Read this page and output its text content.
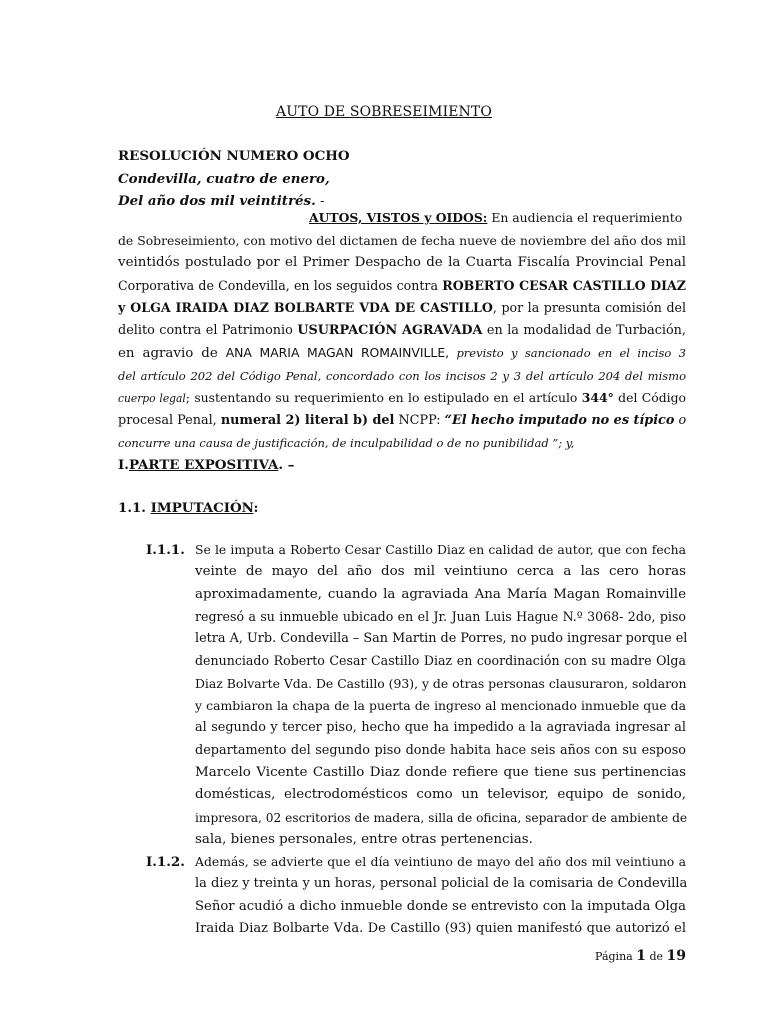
AUTO DE SOBRESEIMIENTO
RESOLUCIÓN NUMERO OCHO
Condevilla, cuatro de enero,
Del año dos mil veintitrés. -
AUTOS, VISTOS y OIDOS: En audiencia el requerimiento
de Sobreseimiento, con motivo del dictamen de fecha nueve de noviembre del año dos mil
veintidós postulado por el Primer Despacho de la Cuarta Fiscalía Provincial Penal
Corporativa de Condevilla, en los seguidos contra ROBERTO CESAR CASTILLO DIAZ
y OLGA IRAIDA DIAZ BOLBARTE VDA DE CASTILLO, por la presunta comisión del
delito contra el Patrimonio USURPACIÓN AGRAVADA en la modalidad de Turbación,
en agravio de ANA MARIA MAGAN ROMAINVILLE, previsto y sancionado en el inciso 3
del artículo 202 del Código Penal, concordado con los incisos 2 y 3 del artículo 204 del mismo
cuerpo legal; sustentando su requerimiento en lo estipulado en el artículo 344° del Código
procesal Penal, numeral 2) literal b) del NCPP: “El hecho imputado no es típico o
concurre una causa de justificación, de inculpabilidad o de no punibilidad ”; y,
I.PARTE EXPOSITIVA. –
1.1. IMPUTACIÓN:
I.1.1. Se le imputa a Roberto Cesar Castillo Diaz en calidad de autor, que con fecha
veinte de mayo del año dos mil veintiuno cerca a las cero horas
aproximadamente, cuando la agraviada Ana María Magan Romainville
regresó a su inmueble ubicado en el Jr. Juan Luis Hague N.º 3068- 2do, piso
letra A, Urb. Condevilla – San Martin de Porres, no pudo ingresar porque el
denunciado Roberto Cesar Castillo Diaz en coordinación con su madre Olga
Diaz Bolvarte Vda. De Castillo (93), y de otras personas clausuraron, soldaron
y cambiaron la chapa de la puerta de ingreso al mencionado inmueble que da
al segundo y tercer piso, hecho que ha impedido a la agraviada ingresar al
departamento del segundo piso donde habita hace seis años con su esposo
Marcelo Vicente Castillo Diaz donde refiere que tiene sus pertinencias
domésticas, electrodomésticos como un televisor, equipo de sonido,
impresora, 02 escritorios de madera, silla de oficina, separador de ambiente de
sala, bienes personales, entre otras pertenencias.
I.1.2. Además, se advierte que el día veintiuno de mayo del año dos mil veintiuno a
la diez y treinta y un horas, personal policial de la comisaria de Condevilla
Señor acudió a dicho inmueble donde se entrevisto con la imputada Olga
Iraida Diaz Bolbarte Vda. De Castillo (93) quien manifestó que autorizó el
Página 1 de 19
